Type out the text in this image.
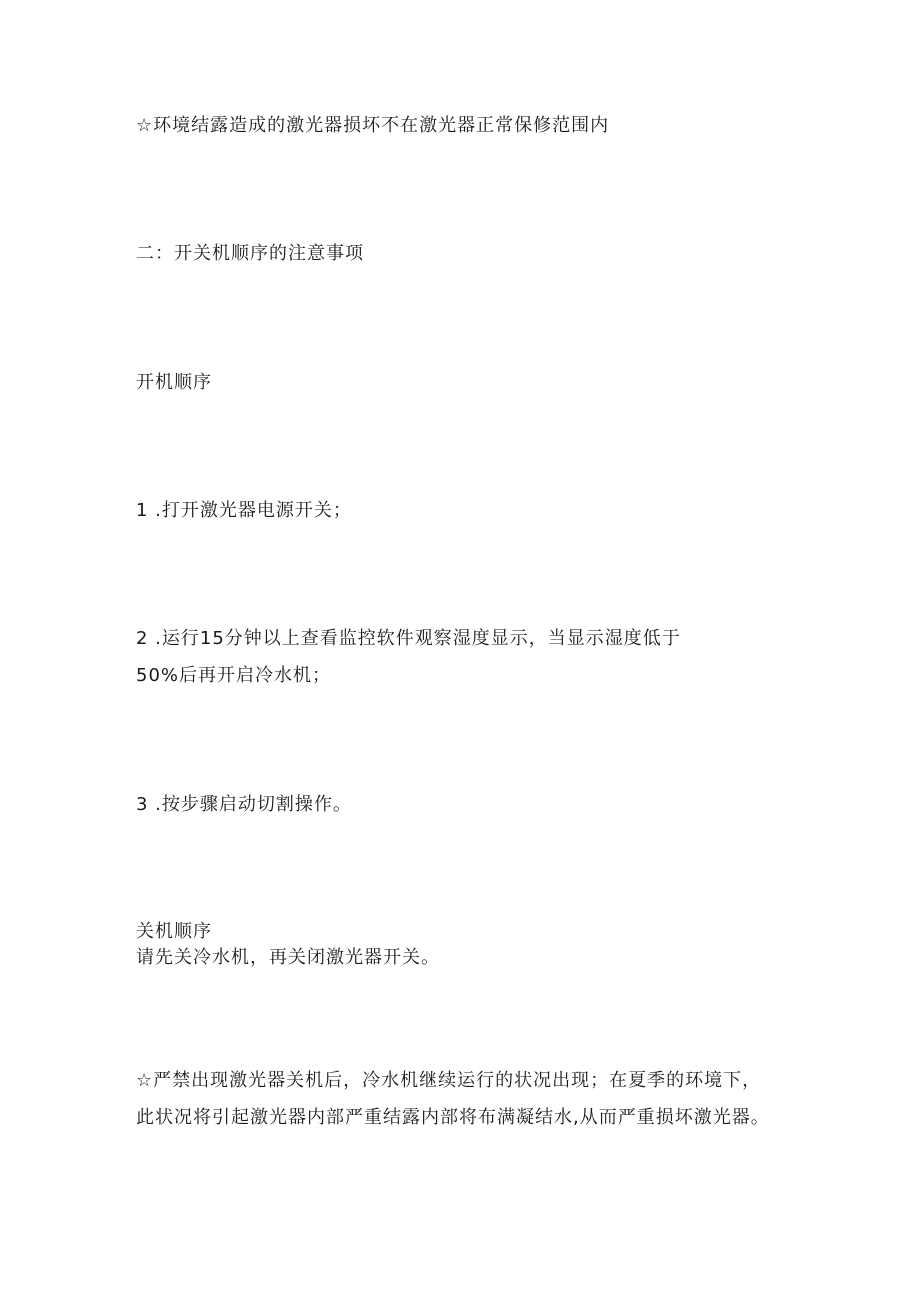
☆环境结露造成的激光器损坏不在激光器正常保修范围内
二：开关机顺序的注意事项
开机顺序
1 .打开激光器电源开关；
2 .运行15分钟以上查看监控软件观察湿度显示，当显示湿度低于
50%后再开启冷水机；
3 .按步骤启动切割操作。
关机顺序
请先关冷水机，再关闭激光器开关。
☆严禁出现激光器关机后，冷水机继续运行的状况出现；在夏季的环境下，
此状况将引起激光器内部严重结露内部将布满凝结水,从而严重损坏激光器。
